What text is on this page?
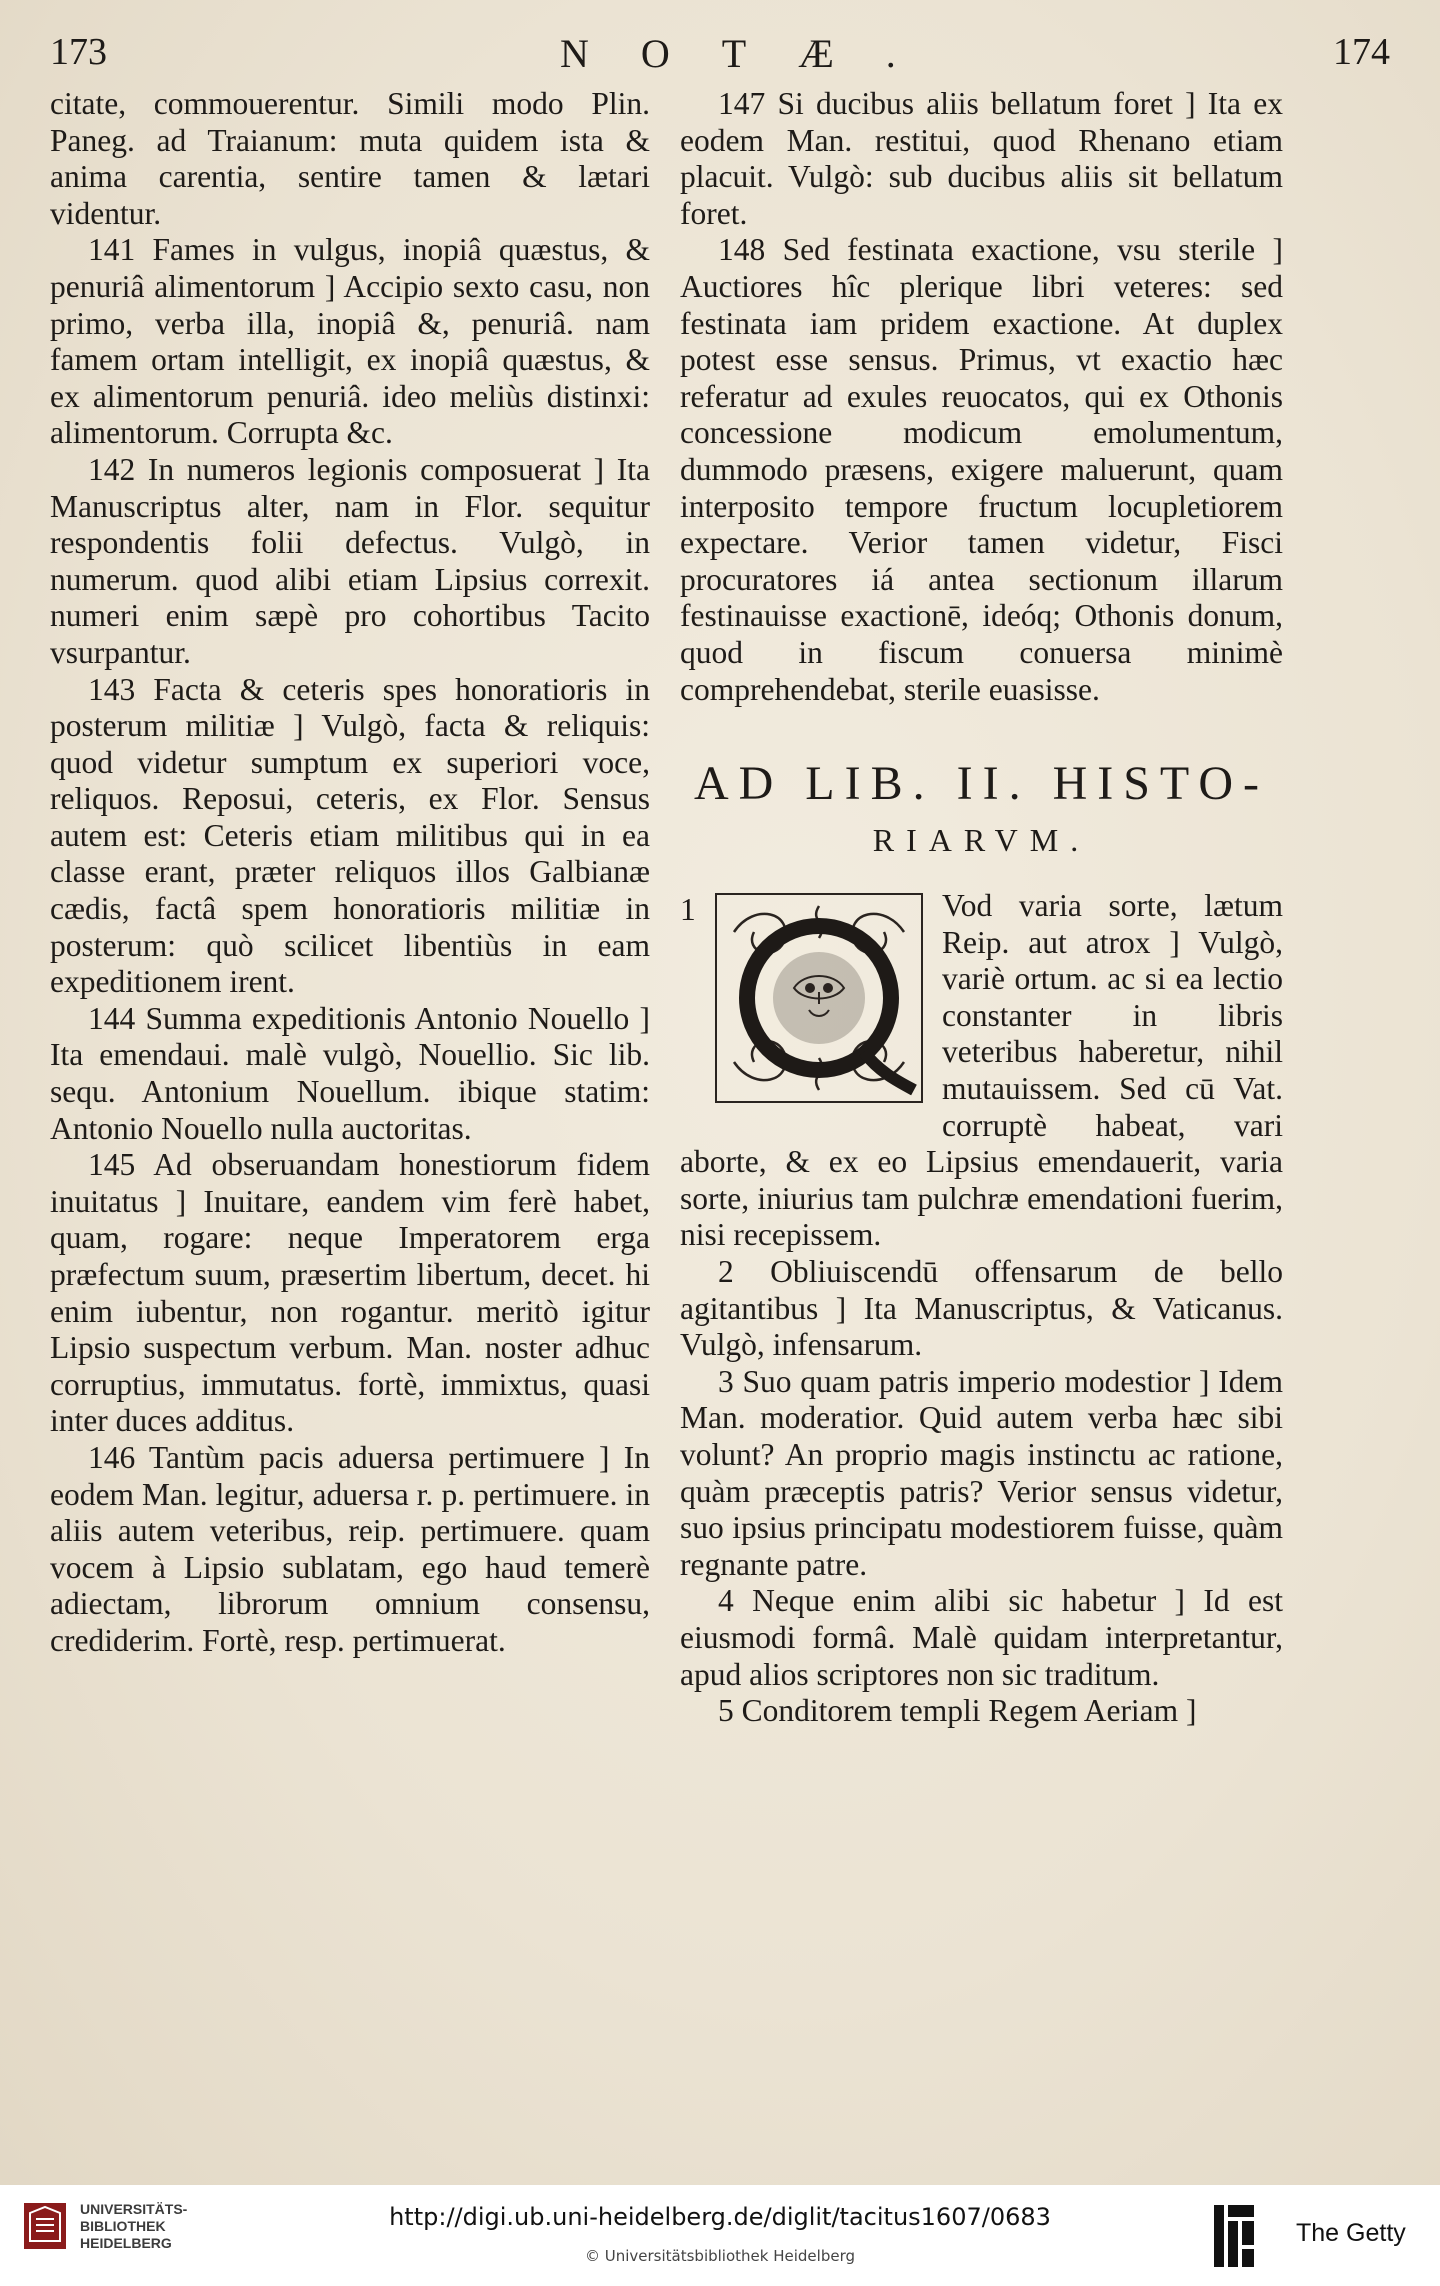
173	NOTÆ.	174

citate, commouerentur. Simili modo Plin. Paneg. ad Traianum: muta quidem ista & anima carentia, sentire tamen & lætari videntur.

141 Fames in vulgus, inopiâ quæstus, & penuriâ alimentorum ] Accipio sexto casu, non primo, verba illa, inopiâ &, penuriâ. nam famem ortam intelligit, ex inopiâ quæstus, & ex alimentorum penuriâ. ideo meliùs distinxi: alimentorum. Corrupta &c.

142 In numeros legionis composuerat ] Ita Manuscriptus alter, nam in Flor. sequitur respondentis folii defectus. Vulgò, in numerum. quod alibi etiam Lipsius correxit. numeri enim sæpè pro cohortibus Tacito vsurpantur.

143 Facta & ceteris spes honoratioris in posterum militiæ ] Vulgò, facta & reliquis: quod videtur sumptum ex superiori voce, reliquos. Reposui, ceteris, ex Flor. Sensus autem est: Ceteris etiam militibus qui in ea classe erant, præter reliquos illos Galbianæ cædis, factâ spem honoratioris militiæ in posterum: quò scilicet libentiùs in eam expeditionem irent.

144 Summa expeditionis Antonio Nouello ] Ita emendaui. malè vulgò, Nouellio. Sic lib. sequ. Antonium Nouellum. ibique statim: Antonio Nouello nulla auctoritas.

145 Ad obseruandam honestiorum fidem inuitatus ] Inuitare, eandem vim ferè habet, quam, rogare: neque Imperatorem erga præfectum suum, præsertim libertum, decet. hi enim iubentur, non rogantur. meritò igitur Lipsio suspectum verbum. Man. noster adhuc corruptius, immutatus. fortè, immixtus, quasi inter duces additus.

146 Tantùm pacis aduersa pertimuere ] In eodem Man. legitur, aduersa r. p. pertimuere. in aliis autem veteribus, reip. pertimuere. quam vocem à Lipsio sublatam, ego haud temerè adiectam, librorum omnium consensu, crediderim. Fortè, resp. pertimuerat.

147 Si ducibus aliis bellatum foret ] Ita ex eodem Man. restitui, quod Rhenano etiam placuit. Vulgò: sub ducibus aliis sit bellatum foret.

148 Sed festinata exactione, vsu sterile ] Auctiores hîc plerique libri veteres: sed festinata iam pridem exactione. At duplex potest esse sensus. Primus, vt exactio hæc referatur ad exules reuocatos, qui ex Othonis concessione modicum emolumentum, dummodo præsens, exigere maluerunt, quam interposito tempore fructum locupletiorem expectare. Verior tamen videtur, Fisci procuratores iá antea sectionum illarum festinauisse exactionē, ideóq; Othonis donum, quod in fiscum conuersa minimè comprehendebat, sterile euasisse.

AD LIB. II. HISTO-
RIARVM.
1	Vod varia sorte, lætum Reip. aut atrox ] Vulgò, variè ortum. ac si ea lectio constanter in libris veteribus haberetur, nihil mutauissem. Sed cū Vat. corruptè habeat, vari aborte, & ex eo Lipsius emendauerit, varia sorte, iniurius tam pulchræ emendationi fuerim, nisi recepissem.

2 Obliuiscendū offensarum de bello agitantibus ] Ita Manuscriptus, & Vaticanus. Vulgò, infensarum.

3 Suo quam patris imperio modestior ] Idem Man. moderatior. Quid autem verba hæc sibi volunt? An proprio magis instinctu ac ratione, quàm præceptis patris? Verior sensus videtur, suo ipsius principatu modestiorem fuisse, quàm regnante patre.

4 Neque enim alibi sic habetur ] Id est eiusmodi formâ. Malè quidam interpretantur, apud alios scriptores non sic traditum.

5 Conditorem templi Regem Aeriam ]

UNIVERSITÄTS-
BIBLIOTHEK
HEIDELBERG
http://digi.ub.uni-heidelberg.de/diglit/tacitus1607/0683
© Universitätsbibliothek Heidelberg
The Getty
